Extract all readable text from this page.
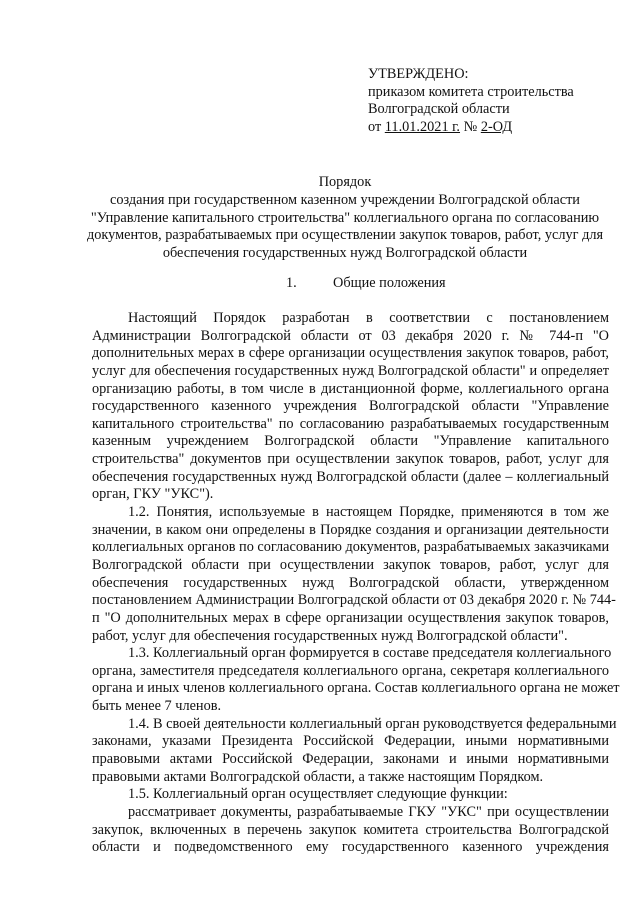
УТВЕРЖДЕНО:
приказом комитета строительства
Волгоградской области
от 11.01.2021 г. № 2-ОД
Порядок
создания при государственном казенном учреждении Волгоградской области
"Управление капитального строительства" коллегиального органа по согласованию
документов, разрабатываемых при осуществлении закупок товаров, работ, услуг для
обеспечения государственных нужд Волгоградской области
1.	Общие положения
Настоящий Порядок разработан в соответствии с постановлением
Администрации Волгоградской области от 03 декабря 2020 г. № 744-п "О
дополнительных мерах в сфере организации осуществления закупок товаров, работ,
услуг для обеспечения государственных нужд Волгоградской области" и определяет
организацию работы, в том числе в дистанционной форме, коллегиального органа
государственного казенного учреждения Волгоградской области "Управление
капитального строительства" по согласованию разрабатываемых государственным
казенным учреждением Волгоградской области "Управление капитального
строительства" документов при осуществлении закупок товаров, работ, услуг для
обеспечения государственных нужд Волгоградской области (далее – коллегиальный
орган, ГКУ "УКС").
1.2. Понятия, используемые в настоящем Порядке, применяются в том же
значении, в каком они определены в Порядке создания и организации деятельности
коллегиальных органов по согласованию документов, разрабатываемых заказчиками
Волгоградской области при осуществлении закупок товаров, работ, услуг для
обеспечения государственных нужд Волгоградской области, утвержденном
постановлением Администрации Волгоградской области от 03 декабря 2020 г. № 744-
п "О дополнительных мерах в сфере организации осуществления закупок товаров,
работ, услуг для обеспечения государственных нужд Волгоградской области".
1.3. Коллегиальный орган формируется в составе председателя коллегиального
органа, заместителя председателя коллегиального органа, секретаря коллегиального
органа и иных членов коллегиального органа. Состав коллегиального органа не может
быть менее 7 членов.
1.4. В своей деятельности коллегиальный орган руководствуется федеральными
законами, указами Президента Российской Федерации, иными нормативными
правовыми актами Российской Федерации, законами и иными нормативными
правовыми актами Волгоградской области, а также настоящим Порядком.
1.5. Коллегиальный орган осуществляет следующие функции:
рассматривает документы, разрабатываемые ГКУ "УКС" при осуществлении
закупок, включенных в перечень закупок комитета строительства Волгоградской
области и подведомственного ему государственного казенного учреждения
